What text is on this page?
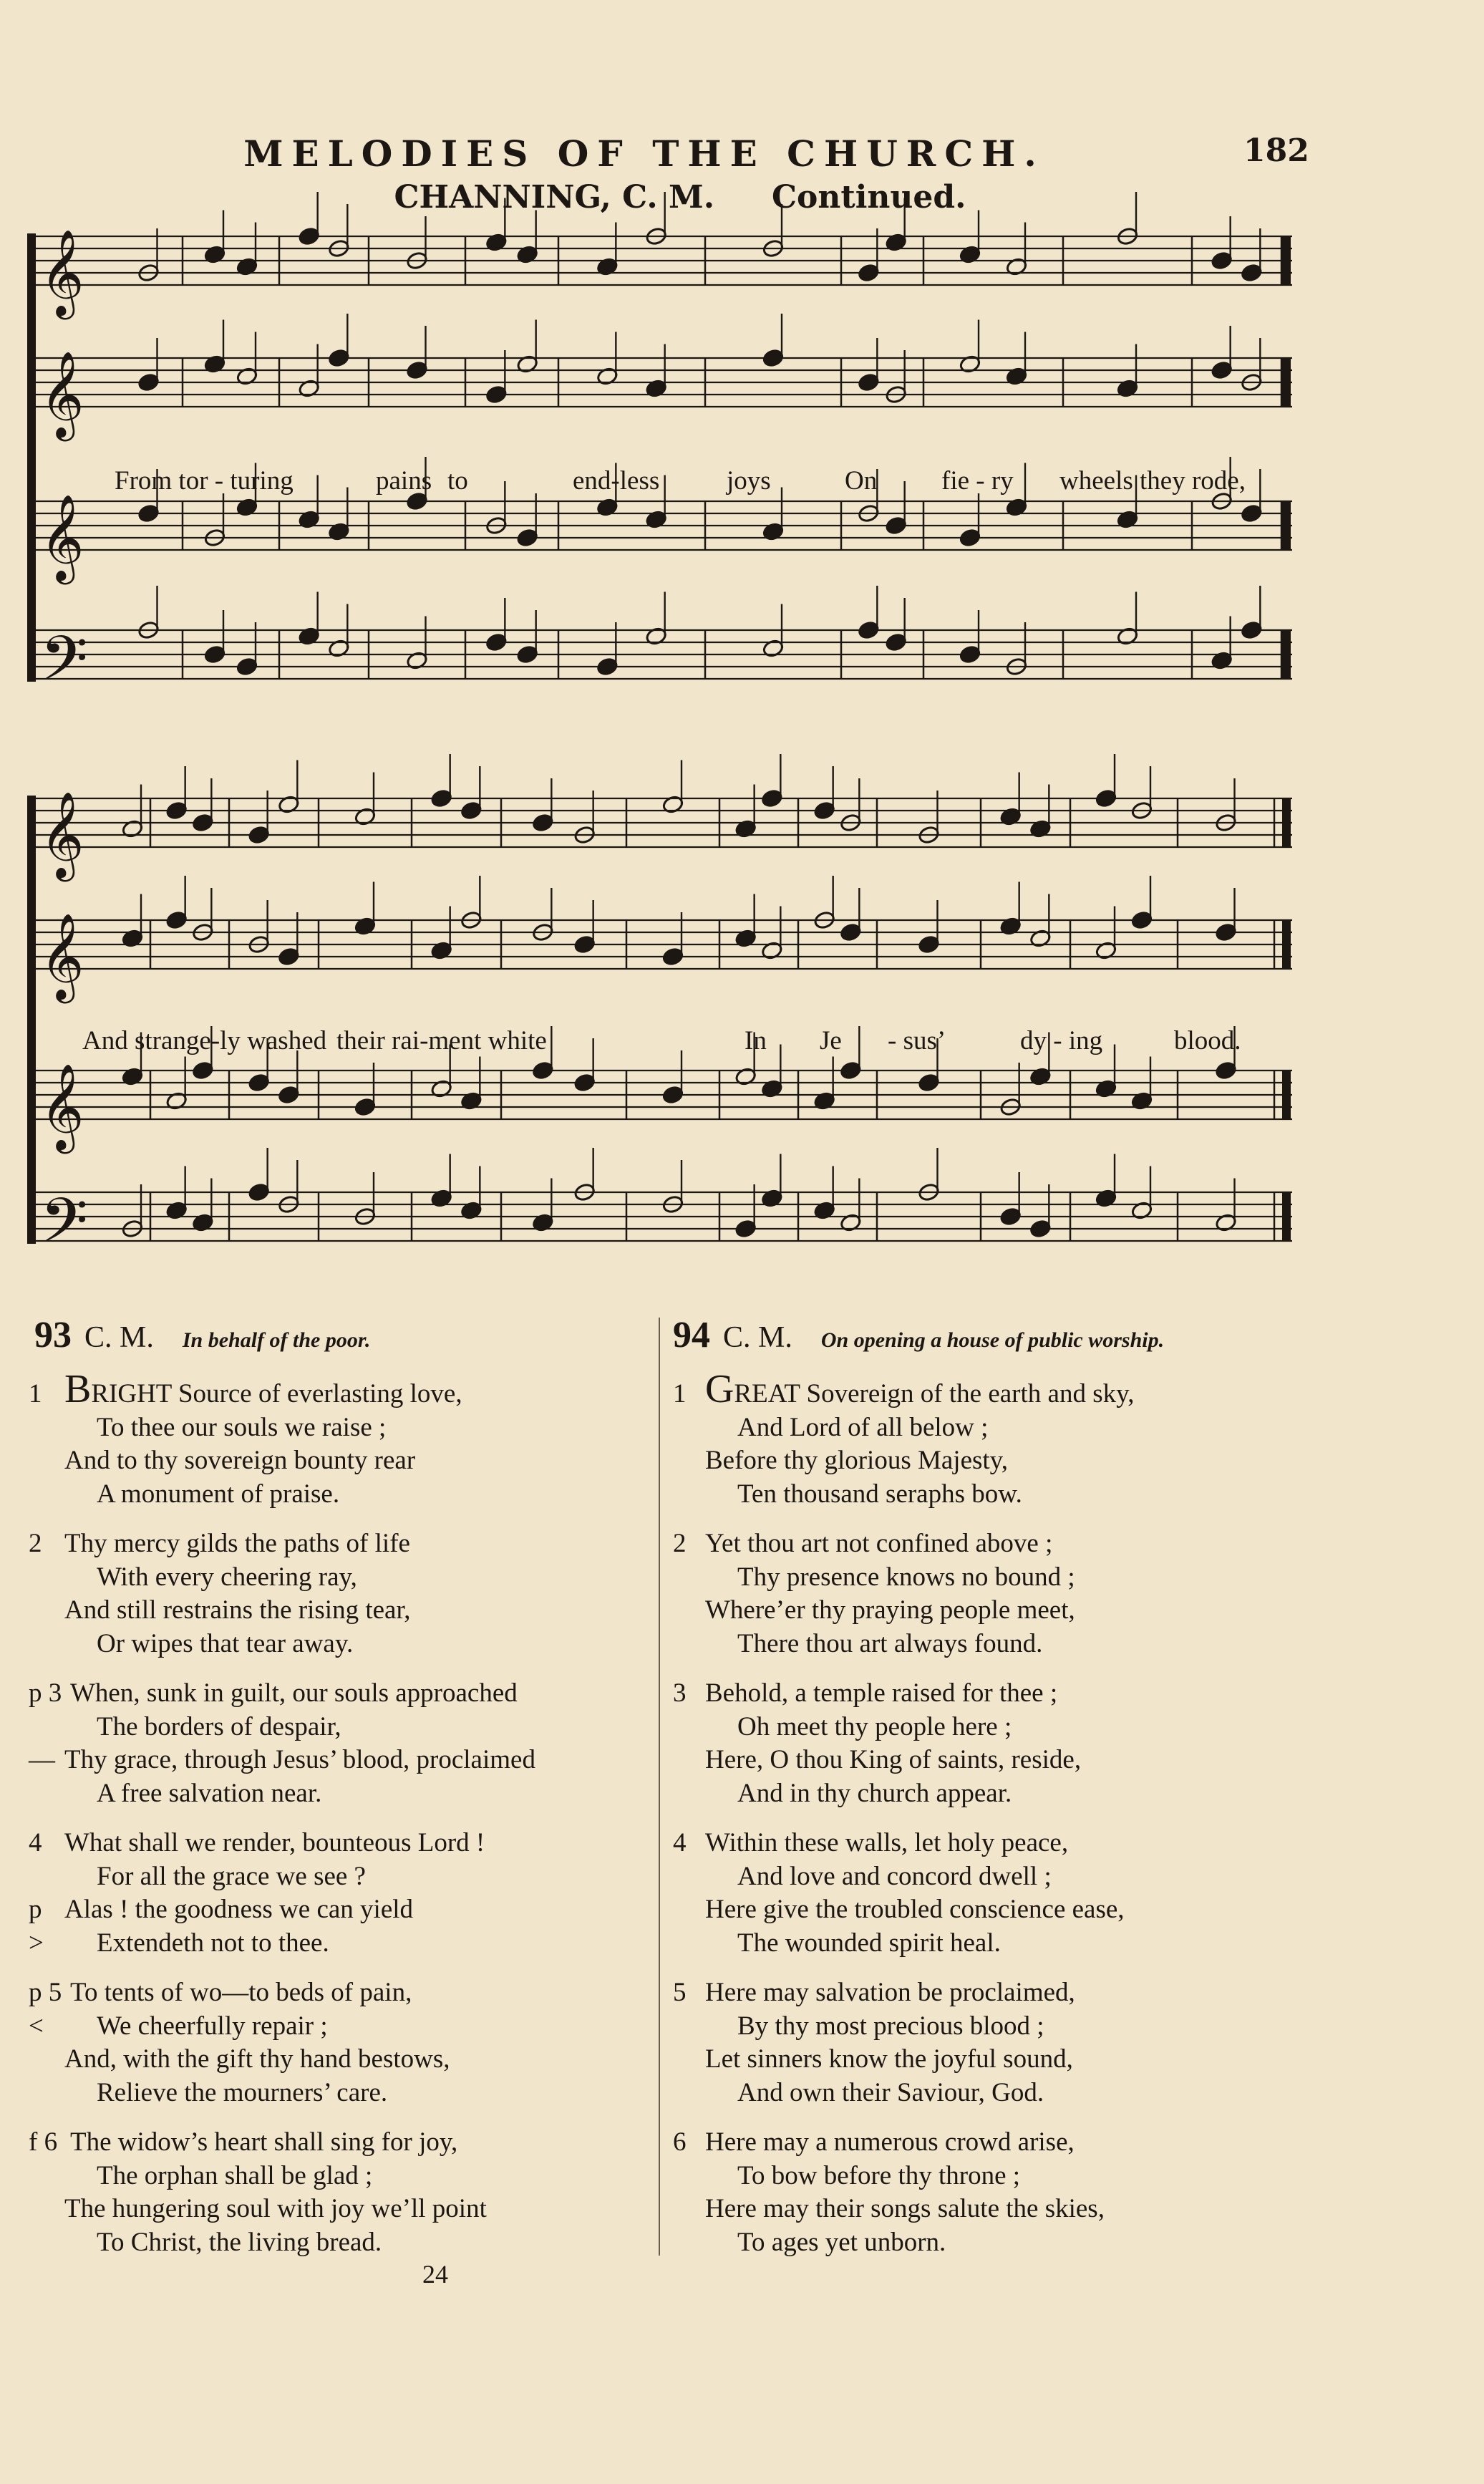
MELODIES OF THE CHURCH.	182
CHANNING, C. M. Continued.
𝄞
𝄞
𝄞
𝄢
𝄞
𝄞
𝄞
𝄢
From tor - turing	pains to	end-less	joys	On fie - ry wheels they rode,
And strange-ly washed their rai-ment white	In Je - sus’	dy - ing	blood.
93 C. M. In behalf of the poor.	94 C. M. On opening a house of public worship.
1 BRIGHT Source of everlasting love,
To thee our souls we raise ;
And to thy sovereign bounty rear
A monument of praise.
2 Thy mercy gilds the paths of life
With every cheering ray,
And still restrains the rising tear,
Or wipes that tear away.
p 3 When, sunk in guilt, our souls approached
The borders of despair,
— Thy grace, through Jesus’ blood, proclaimed
A free salvation near.
4 What shall we render, bounteous Lord !
For all the grace we see ?
p Alas ! the goodness we can yield
> Extendeth not to thee.
p 5 To tents of wo—to beds of pain,
< We cheerfully repair ;
And, with the gift thy hand bestows,
Relieve the mourners’ care.
f 6 The widow’s heart shall sing for joy,
The orphan shall be glad ;
The hungering soul with joy we’ll point
To Christ, the living bread.
1 GREAT Sovereign of the earth and sky,
And Lord of all below ;
Before thy glorious Majesty,
Ten thousand seraphs bow.
2 Yet thou art not confined above ;
Thy presence knows no bound ;
Where’er thy praying people meet,
There thou art always found.
3 Behold, a temple raised for thee ;
Oh meet thy people here ;
Here, O thou King of saints, reside,
And in thy church appear.
4 Within these walls, let holy peace,
And love and concord dwell ;
Here give the troubled conscience ease,
The wounded spirit heal.
5 Here may salvation be proclaimed,
By thy most precious blood ;
Let sinners know the joyful sound,
And own their Saviour, God.
6 Here may a numerous crowd arise,
To bow before thy throne ;
Here may their songs salute the skies,
To ages yet unborn.
24
